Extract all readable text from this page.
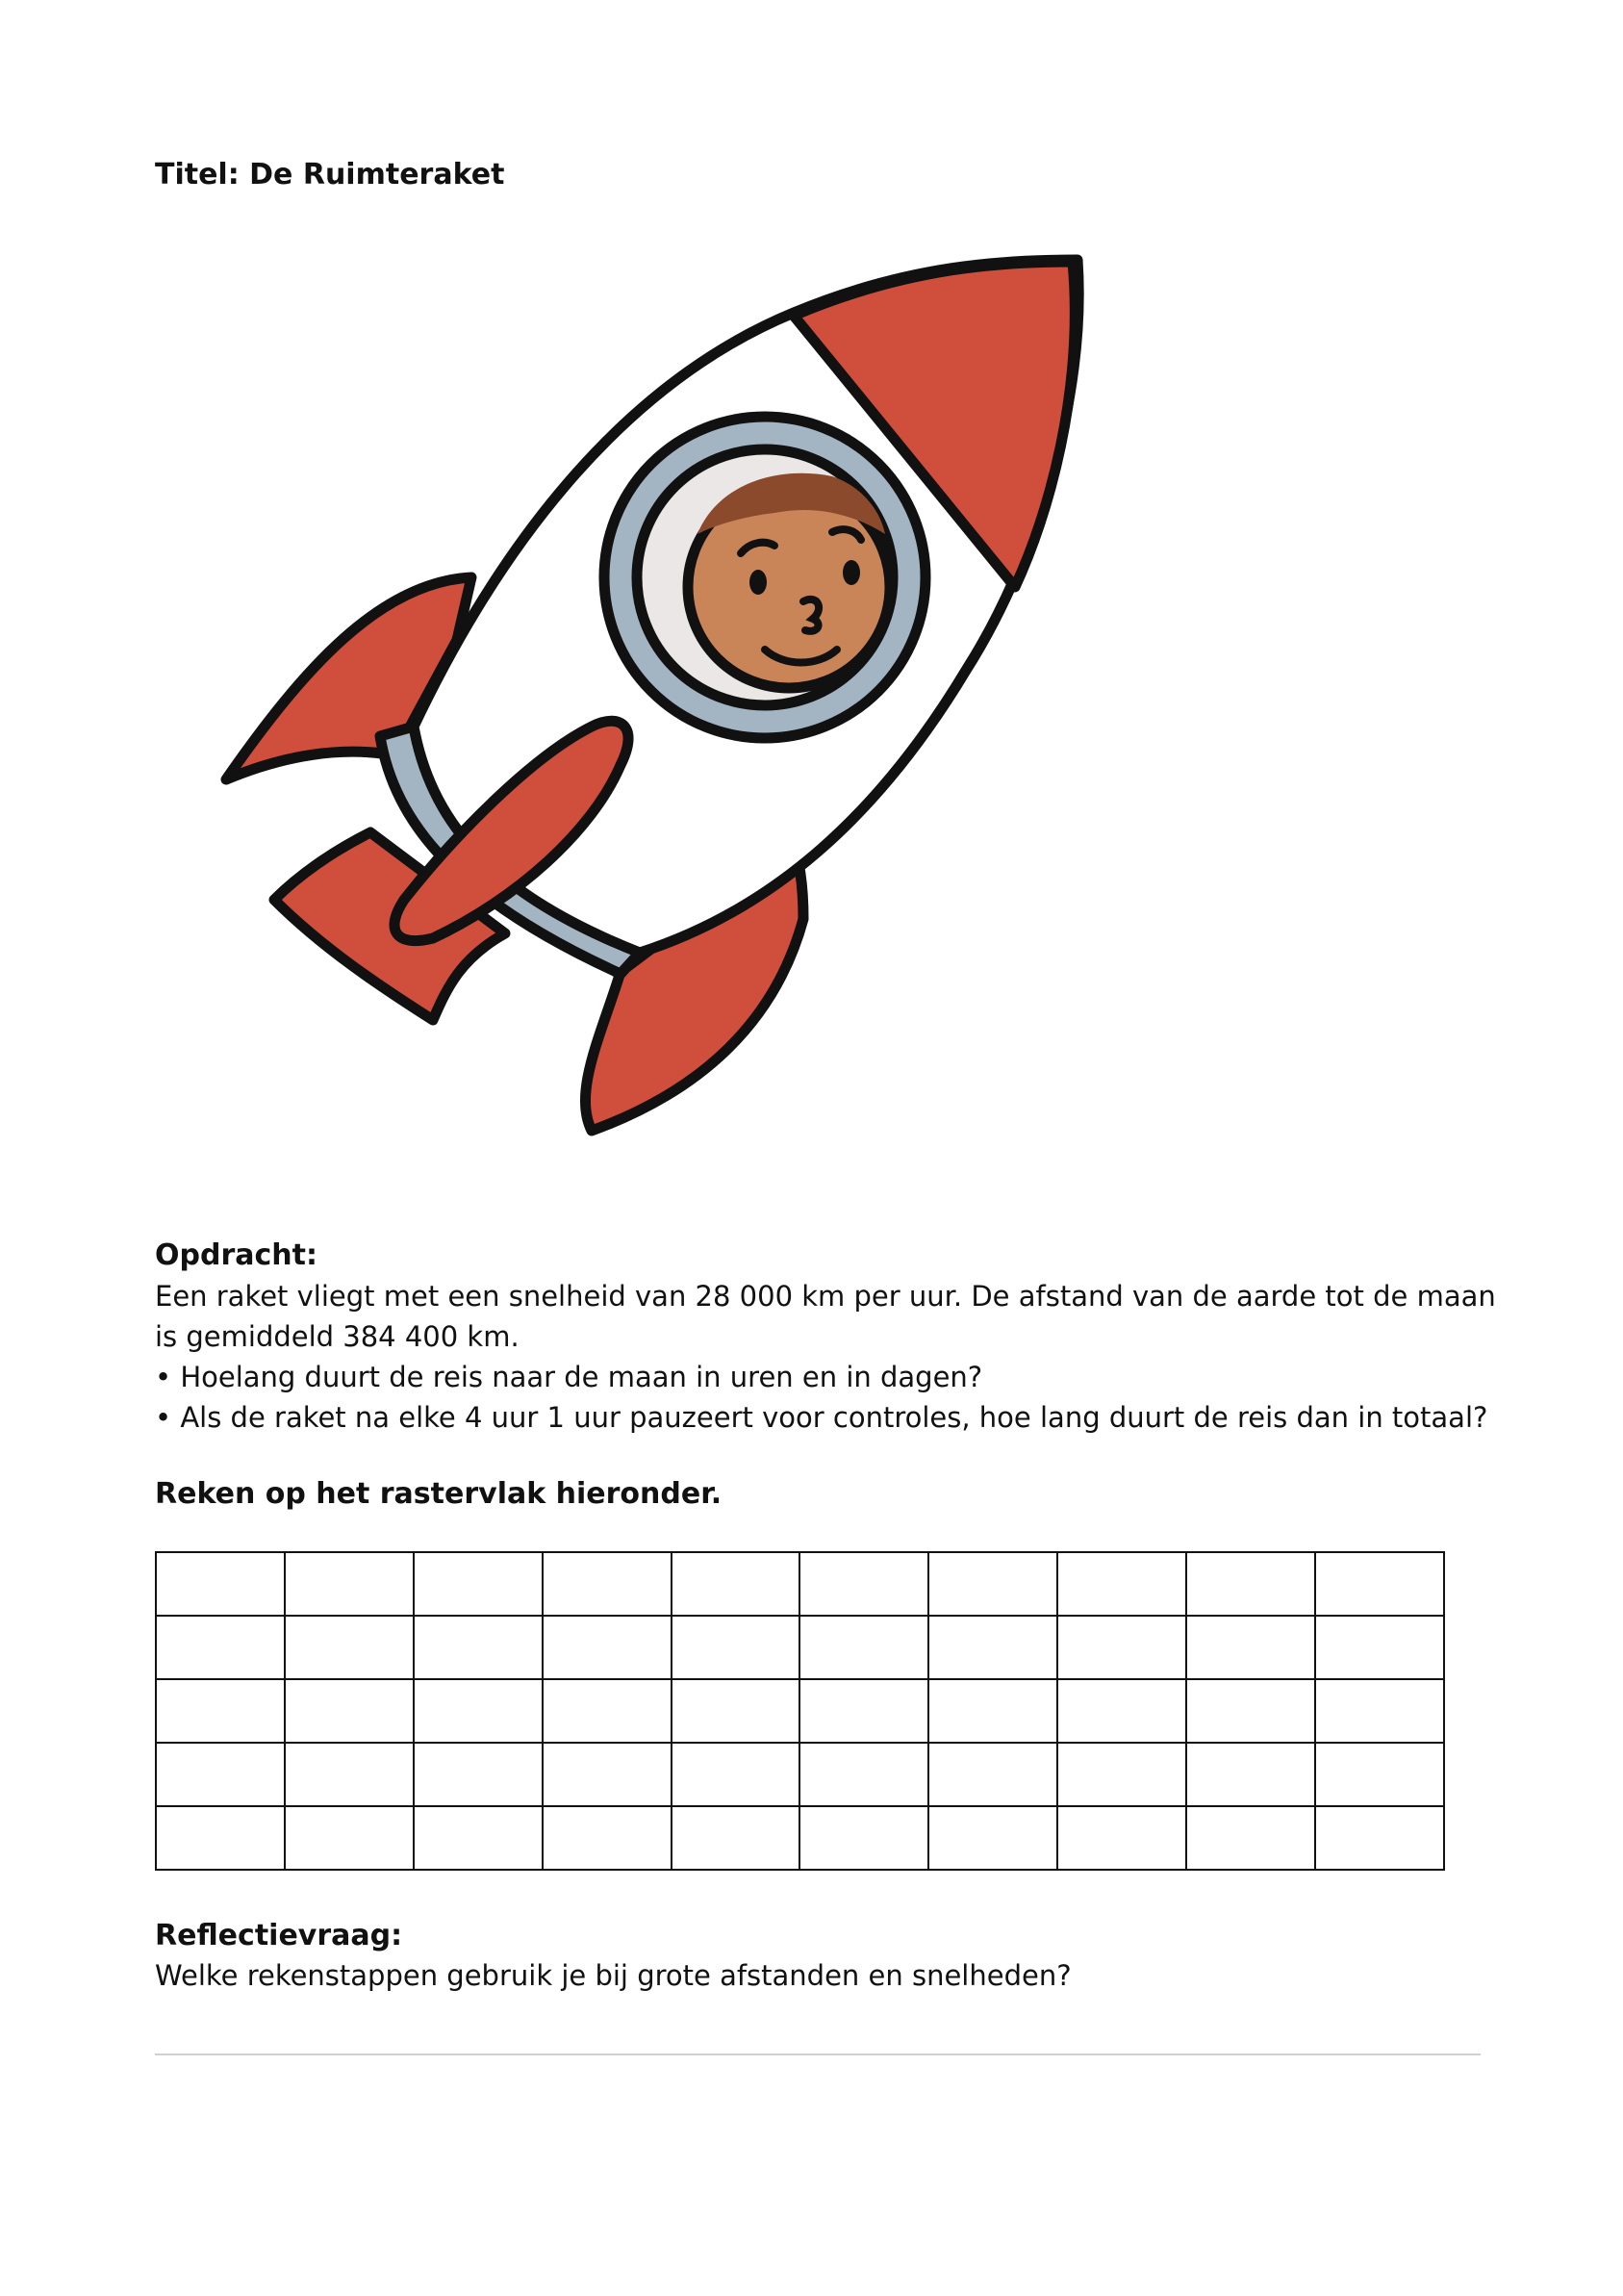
Titel: De Ruimteraket
Opdracht:
Een raket vliegt met een snelheid van 28 000 km per uur. De afstand van de aarde tot de maan
is gemiddeld 384 400 km.
• Hoelang duurt de reis naar de maan in uren en in dagen?
• Als de raket na elke 4 uur 1 uur pauzeert voor controles, hoe lang duurt de reis dan in totaal?
Reken op het rastervlak hieronder.

Reflectievraag:
Welke rekenstappen gebruik je bij grote afstanden en snelheden?
